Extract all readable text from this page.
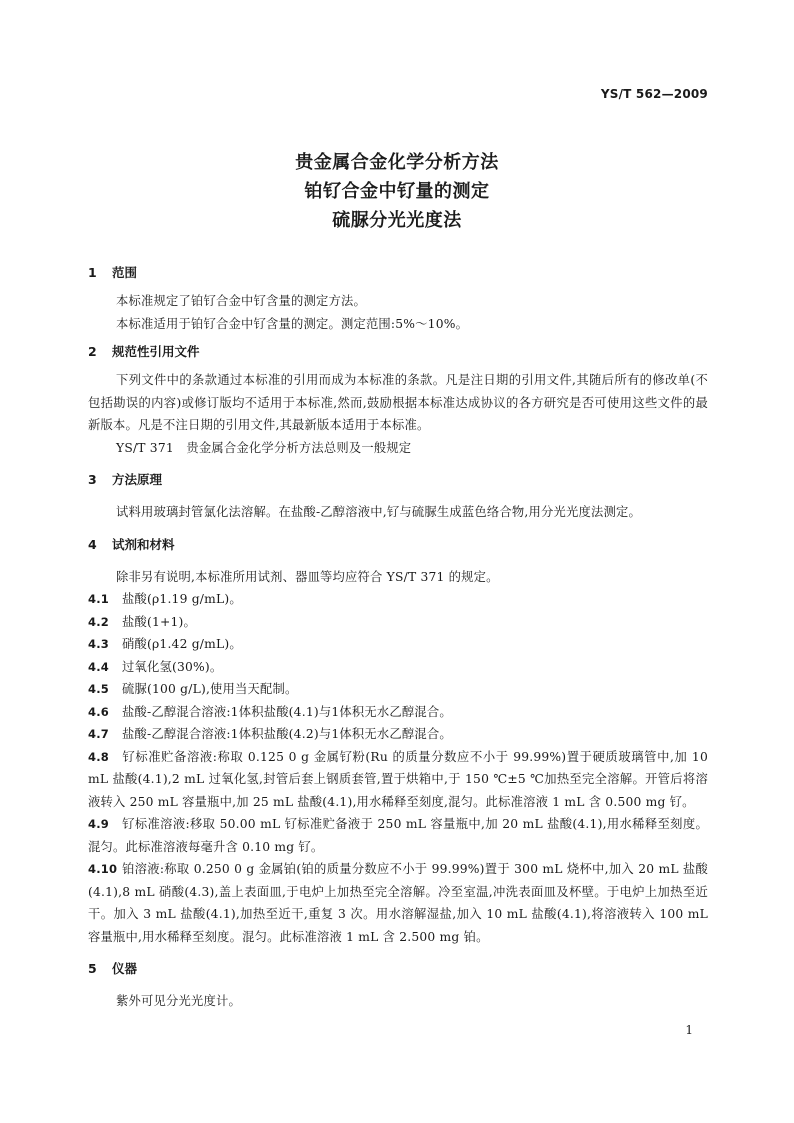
YS/T 562—2009
贵金属合金化学分析方法
铂钌合金中钌量的测定
硫脲分光光度法
1 范围
本标准规定了铂钌合金中钌含量的测定方法。
本标准适用于铂钌合金中钌含量的测定。测定范围:5%～10%。
2 规范性引用文件
下列文件中的条款通过本标准的引用而成为本标准的条款。凡是注日期的引用文件,其随后所有的修改单(不包括勘误的内容)或修订版均不适用于本标准,然而,鼓励根据本标准达成协议的各方研究是否可使用这些文件的最新版本。凡是不注日期的引用文件,其最新版本适用于本标准。
YS/T 371　贵金属合金化学分析方法总则及一般规定
3 方法原理
试料用玻璃封管氯化法溶解。在盐酸-乙醇溶液中,钌与硫脲生成蓝色络合物,用分光光度法测定。
4 试剂和材料
除非另有说明,本标准所用试剂、器皿等均应符合 YS/T 371 的规定。
4.1 盐酸(ρ1.19 g/mL)。
4.2 盐酸(1+1)。
4.3 硝酸(ρ1.42 g/mL)。
4.4 过氧化氢(30%)。
4.5 硫脲(100 g/L),使用当天配制。
4.6 盐酸-乙醇混合溶液:1体积盐酸(4.1)与1体积无水乙醇混合。
4.7 盐酸-乙醇混合溶液:1体积盐酸(4.2)与1体积无水乙醇混合。
4.8 钌标准贮备溶液:称取 0.125 0 g 金属钌粉(Ru 的质量分数应不小于 99.99%)置于硬质玻璃管中,加 10 mL 盐酸(4.1),2 mL 过氧化氢,封管后套上钢质套管,置于烘箱中,于 150 ℃±5 ℃加热至完全溶解。开管后将溶液转入 250 mL 容量瓶中,加 25 mL 盐酸(4.1),用水稀释至刻度,混匀。此标准溶液 1 mL 含 0.500 mg 钌。
4.9 钌标准溶液:移取 50.00 mL 钌标准贮备液于 250 mL 容量瓶中,加 20 mL 盐酸(4.1),用水稀释至刻度。混匀。此标准溶液每毫升含 0.10 mg 钌。
4.10 铂溶液:称取 0.250 0 g 金属铂(铂的质量分数应不小于 99.99%)置于 300 mL 烧杯中,加入 20 mL 盐酸(4.1),8 mL 硝酸(4.3),盖上表面皿,于电炉上加热至完全溶解。冷至室温,冲洗表面皿及杯壁。于电炉上加热至近干。加入 3 mL 盐酸(4.1),加热至近干,重复 3 次。用水溶解湿盐,加入 10 mL 盐酸(4.1),将溶液转入 100 mL 容量瓶中,用水稀释至刻度。混匀。此标准溶液 1 mL 含 2.500 mg 铂。
5 仪器
紫外可见分光光度计。
1
